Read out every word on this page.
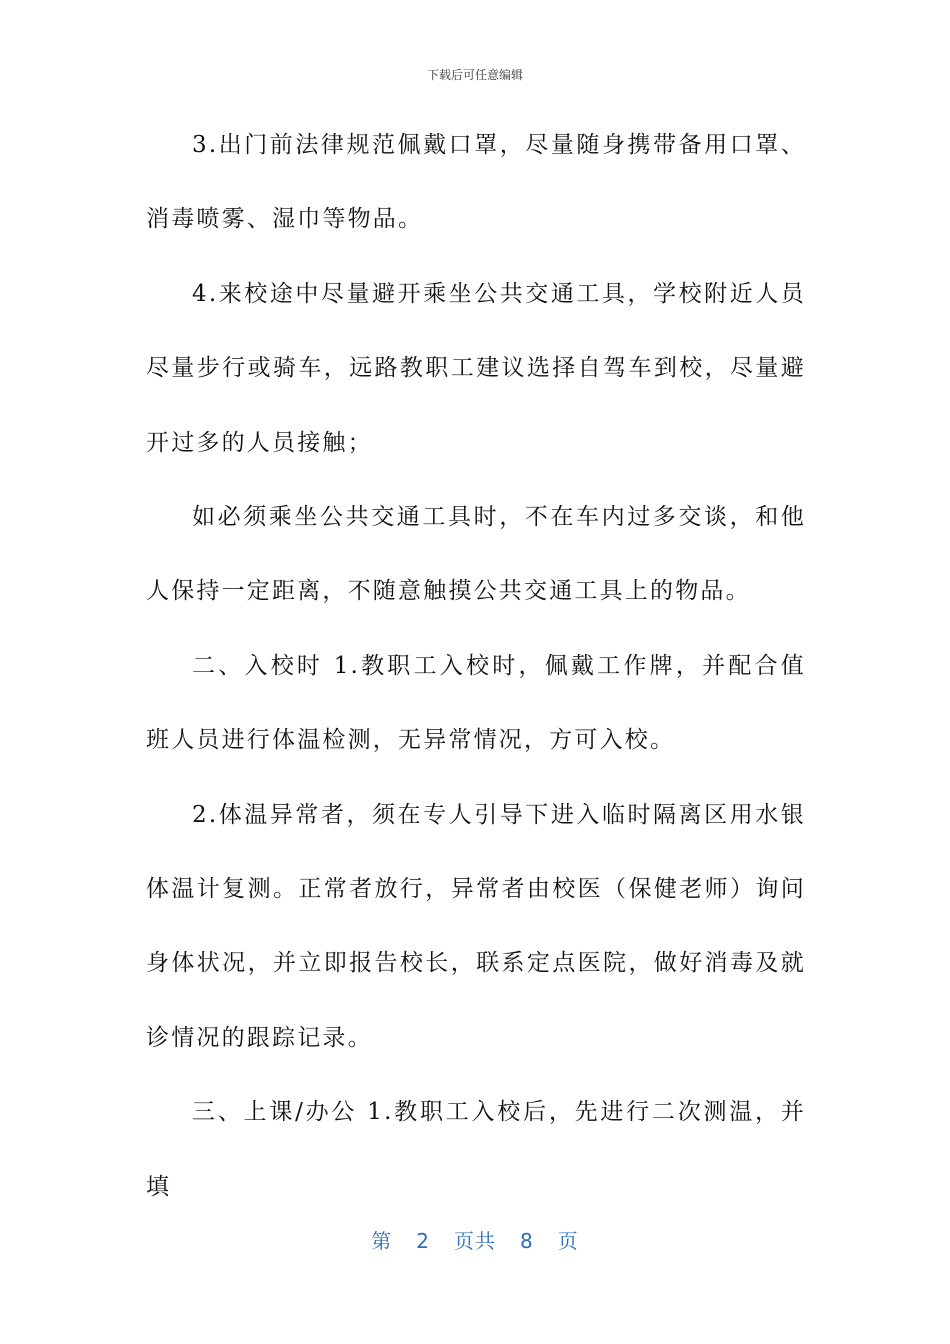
下载后可任意编辑

3.出门前法律规范佩戴口罩，尽量随身携带备用口罩、消毒喷雾、湿巾等物品。

4.来校途中尽量避开乘坐公共交通工具，学校附近人员尽量步行或骑车，远路教职工建议选择自驾车到校，尽量避开过多的人员接触；

如必须乘坐公共交通工具时，不在车内过多交谈，和他人保持一定距离，不随意触摸公共交通工具上的物品。

二、入校时 1.教职工入校时，佩戴工作牌，并配合值班人员进行体温检测，无异常情况，方可入校。

2.体温异常者，须在专人引导下进入临时隔离区用水银体温计复测。正常者放行，异常者由校医（保健老师）询问身体状况，并立即报告校长，联系定点医院，做好消毒及就诊情况的跟踪记录。

三、上课/办公 1.教职工入校后，先进行二次测温，并填

第 2 页共 8 页
